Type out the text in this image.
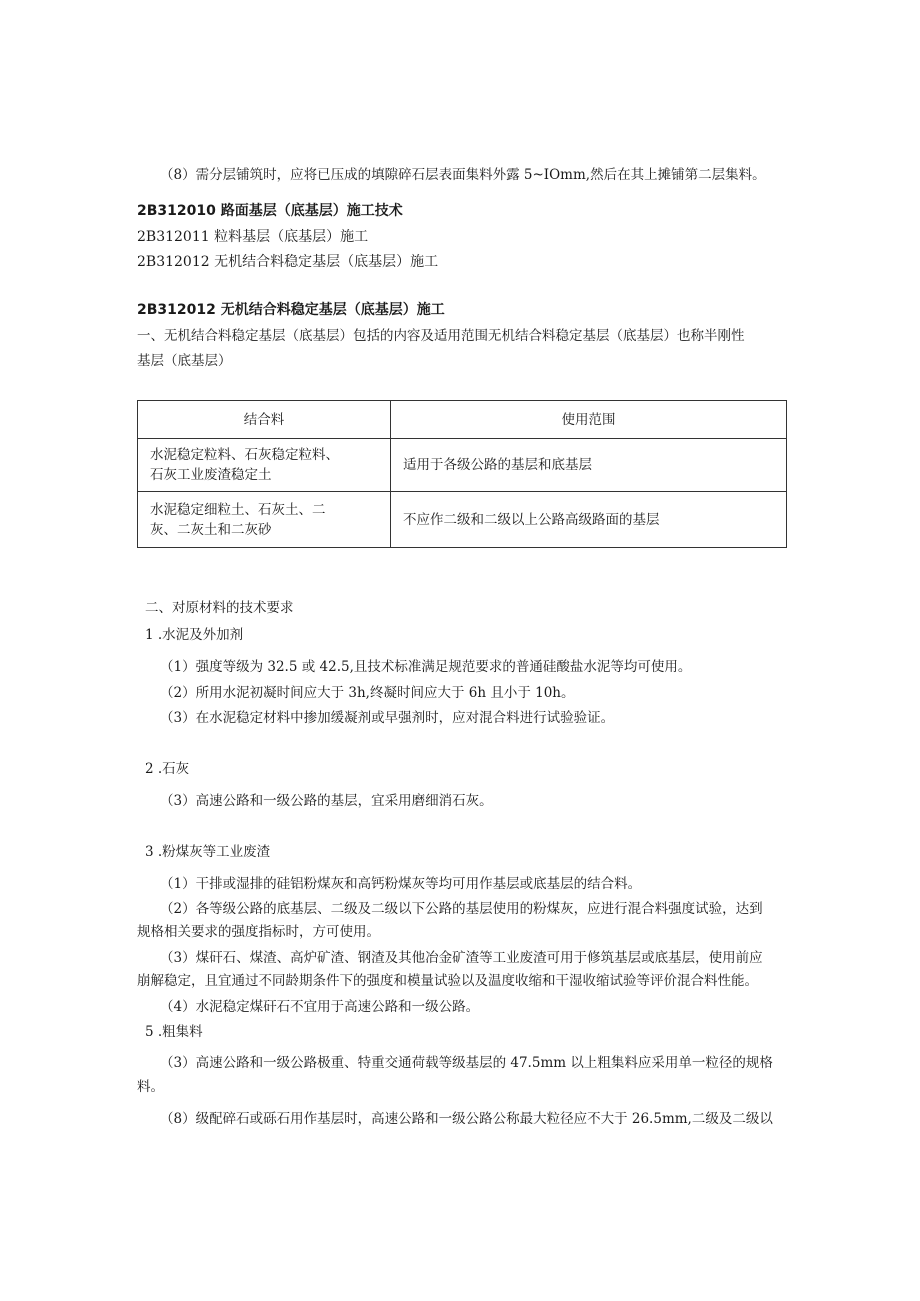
（8）需分层铺筑时，应将已压成的填隙碎石层表面集料外露 5~IOmm,然后在其上摊铺第二层集料。
2B312010 路面基层（底基层）施工技术
2B312011 粒料基层（底基层）施工
2B312012 无机结合料稳定基层（底基层）施工
2B312012 无机结合料稳定基层（底基层）施工
一、无机结合料稳定基层（底基层）包括的内容及适用范围无机结合料稳定基层（底基层）也称半刚性
基层（底基层）
结合料	使用范围

水泥稳定粒料、石灰稳定粒料、
石灰工业废渣稳定土	适用于各级公路的基层和底基层

水泥稳定细粒土、石灰土、二
灰、二灰土和二灰砂	不应作二级和二级以上公路高级路面的基层
二、对原材料的技术要求
1 .水泥及外加剂
（1）强度等级为 32.5 或 42.5,且技术标准满足规范要求的普通硅酸盐水泥等均可使用。
（2）所用水泥初凝时间应大于 3h,终凝时间应大于 6h 且小于 10h。
（3）在水泥稳定材料中掺加缓凝剂或早强剂时，应对混合料进行试验验证。
2 .石灰
（3）高速公路和一级公路的基层，宜采用磨细消石灰。
3 .粉煤灰等工业废渣
（1）干排或湿排的硅铝粉煤灰和高钙粉煤灰等均可用作基层或底基层的结合料。
（2）各等级公路的底基层、二级及二级以下公路的基层使用的粉煤灰，应进行混合料强度试验，达到
规格相关要求的强度指标时，方可使用。
（3）煤矸石、煤渣、高炉矿渣、钢渣及其他冶金矿渣等工业废渣可用于修筑基层或底基层，使用前应
崩解稳定，且宜通过不同龄期条件下的强度和模量试验以及温度收缩和干湿收缩试验等评价混合料性能。
（4）水泥稳定煤矸石不宜用于高速公路和一级公路。
5 .粗集料
（3）高速公路和一级公路极重、特重交通荷载等级基层的 47.5mm 以上粗集料应采用单一粒径的规格
料。
（8）级配碎石或砾石用作基层时，高速公路和一级公路公称最大粒径应不大于 26.5mm,二级及二级以
